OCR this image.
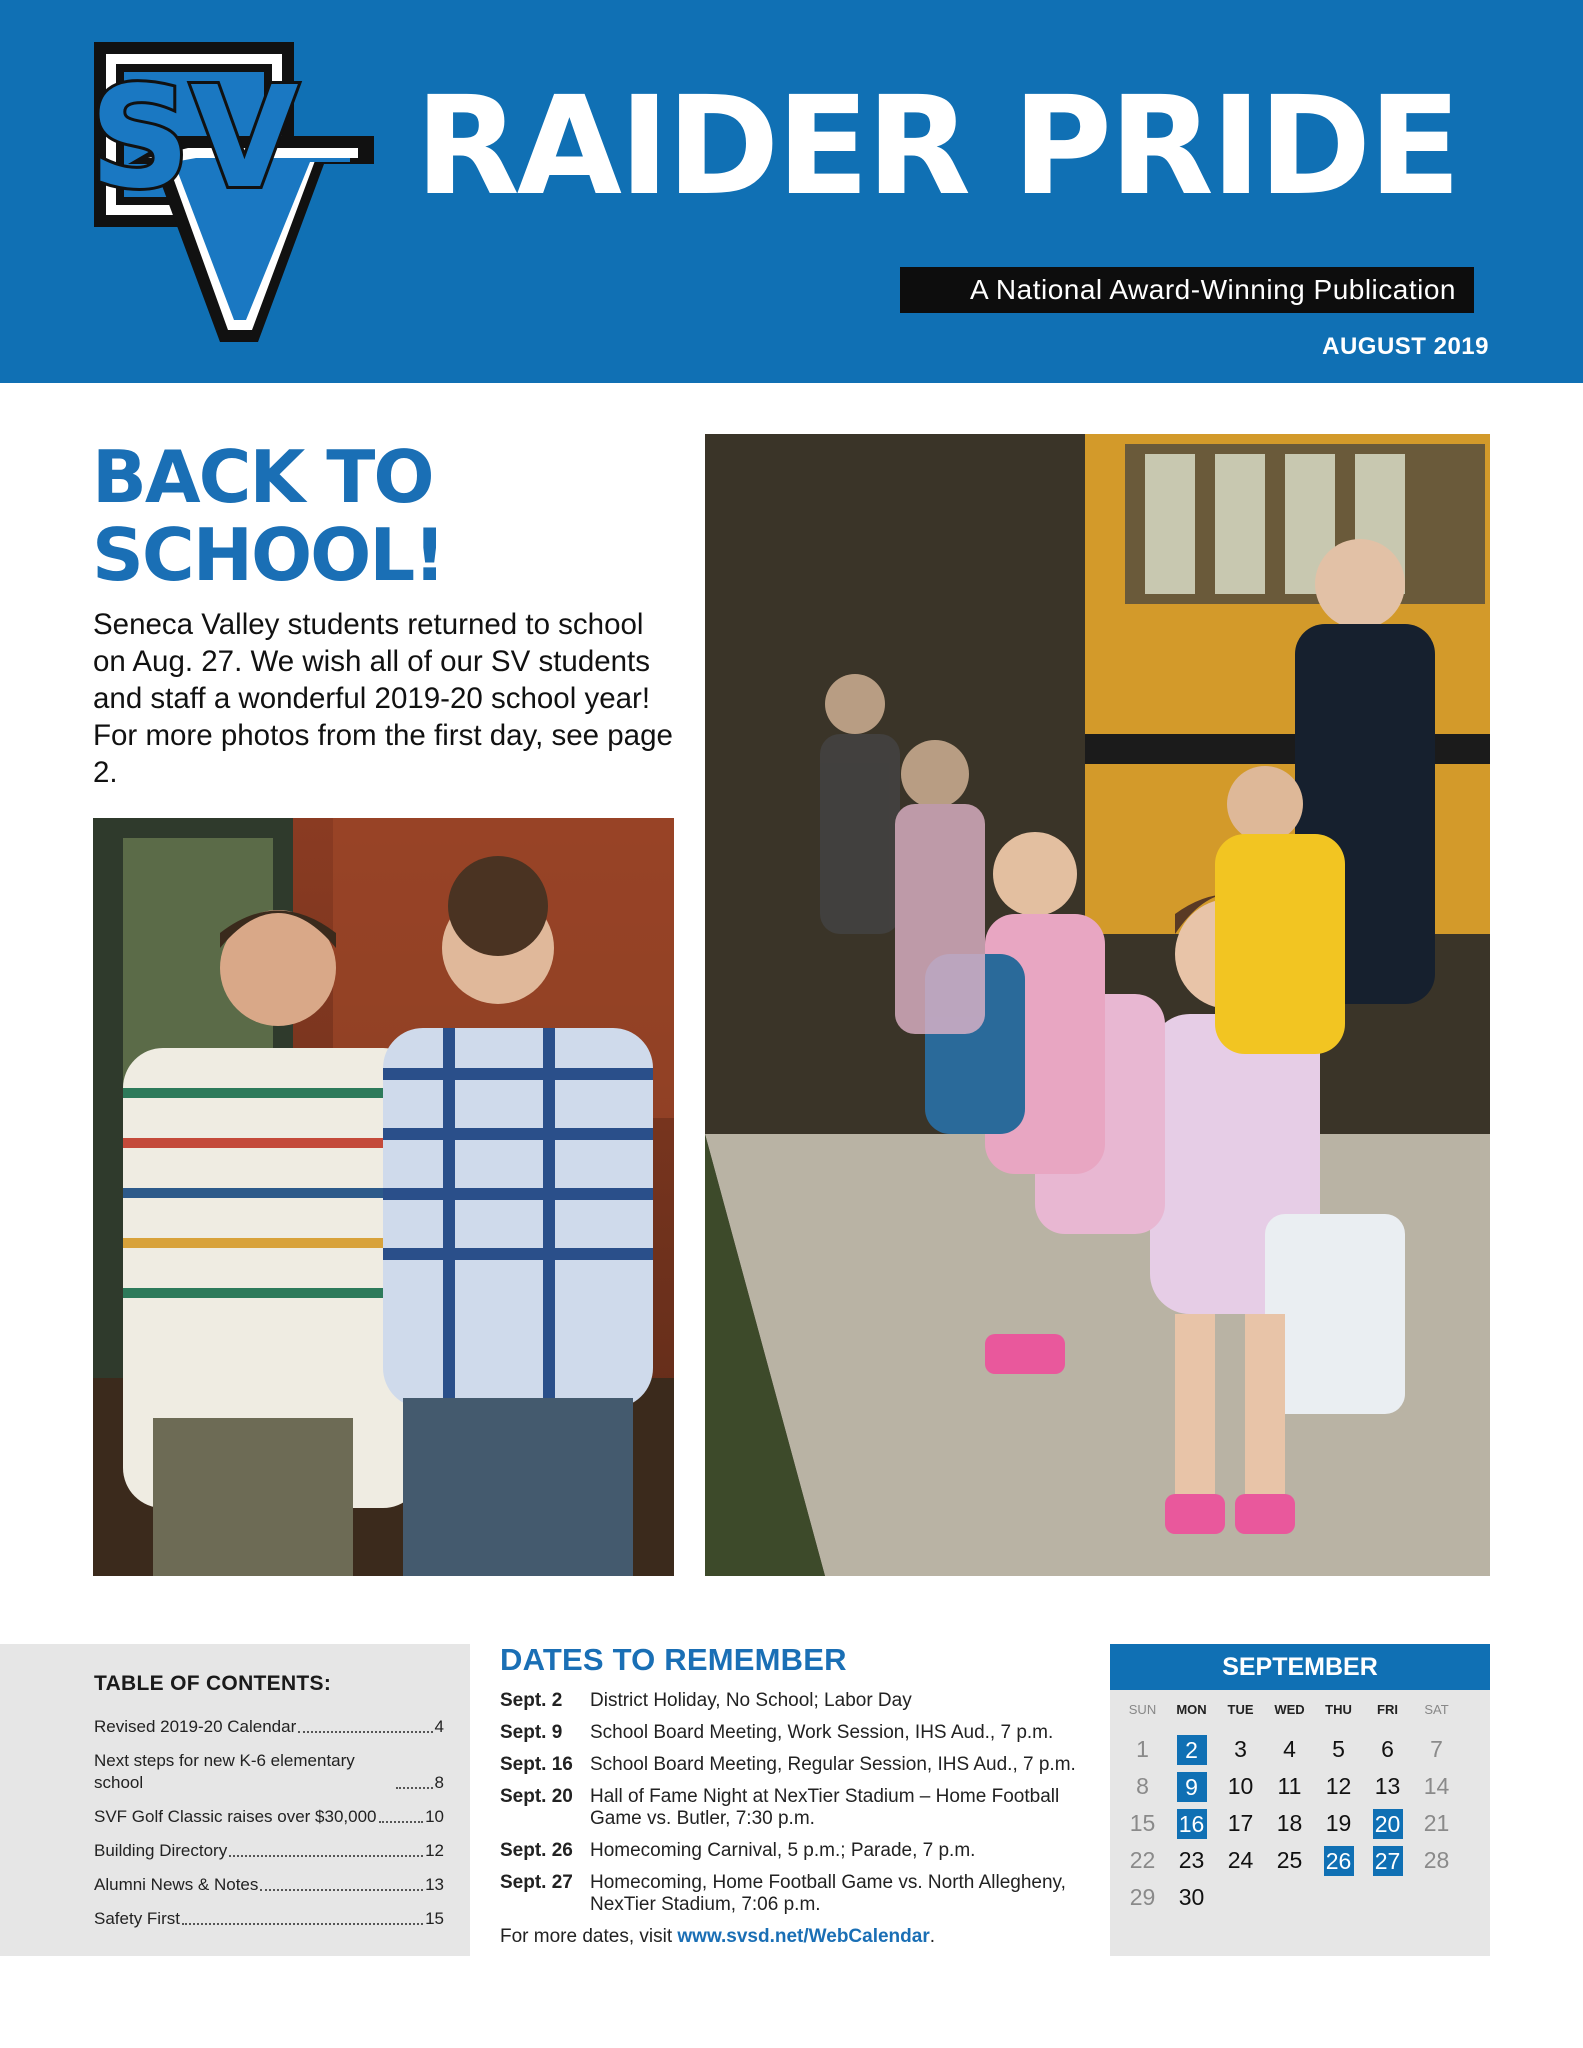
SV RAIDER PRIDE
A National Award-Winning Publication
AUGUST 2019
BACK TO
SCHOOL!
Seneca Valley students returned to school on Aug. 27. We wish all of our SV students and staff a wonderful 2019-20 school year! For more photos from the first day, see page 2.
TABLE OF CONTENTS:
Revised 2019-20 Calendar	4
Next steps for new K-6 elementary school	8
SVF Golf Classic raises over $30,000	10
Building Directory	12
Alumni News & Notes	13
Safety First	15
DATES TO REMEMBER
Sept. 2	District Holiday, No School; Labor Day
Sept. 9	School Board Meeting, Work Session, IHS Aud., 7 p.m.
Sept. 16 School Board Meeting, Regular Session, IHS Aud., 7 p.m.
Sept. 20 Hall of Fame Night at NexTier Stadium – Home Football Game vs. Butler, 7:30 p.m.
Sept. 26 Homecoming Carnival, 5 p.m.; Parade, 7 p.m.
Sept. 27 Homecoming, Home Football Game vs. North Allegheny, NexTier Stadium, 7:06 p.m.
For more dates, visit www.svsd.net/WebCalendar.
SEPTEMBER
SUN	MON	TUE	WED	THU	FRI	SAT
1	2	3	4	5	6	7
8	9	10	11	12	13	14
15	16	17	18	19	20	21
22	23	24	25	26 27	28
29	30
